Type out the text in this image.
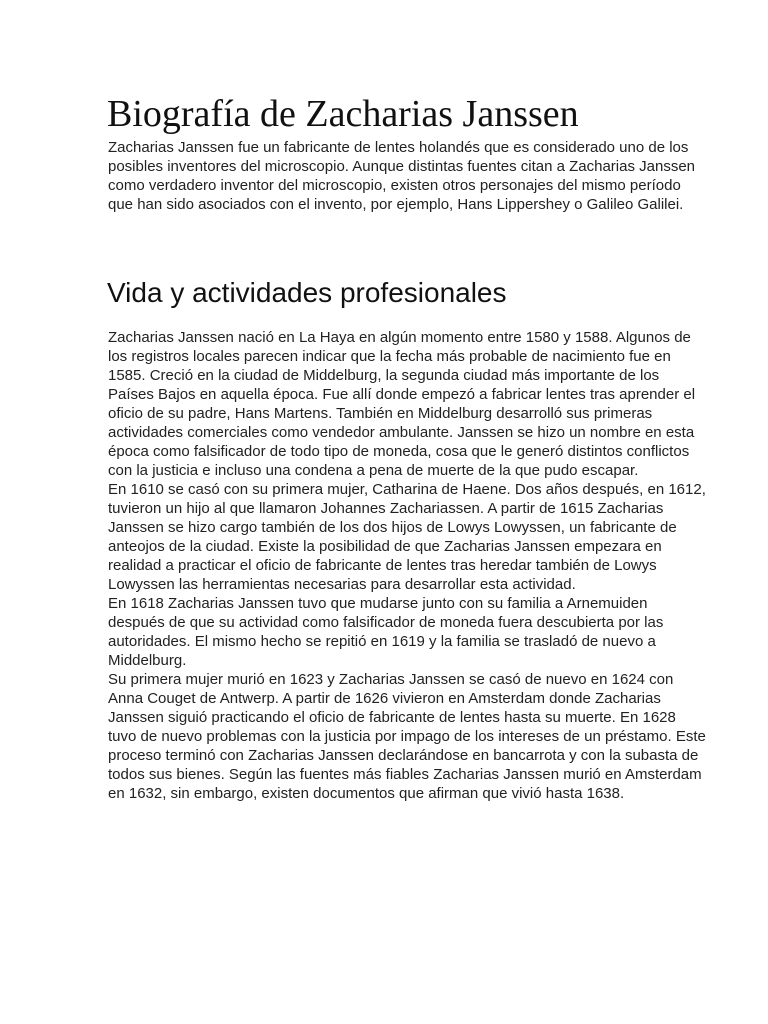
Biografía de Zacharias Janssen

Zacharias Janssen fue un fabricante de lentes holandés que es considerado uno de los posibles inventores del microscopio. Aunque distintas fuentes citan a Zacharias Janssen como verdadero inventor del microscopio, existen otros personajes del mismo período que han sido asociados con el invento, por ejemplo, Hans Lippershey o Galileo Galilei.

Vida y actividades profesionales

Zacharias Janssen nació en La Haya en algún momento entre 1580 y 1588. Algunos de los registros locales parecen indicar que la fecha más probable de nacimiento fue en 1585. Creció en la ciudad de Middelburg, la segunda ciudad más importante de los Países Bajos en aquella época. Fue allí donde empezó a fabricar lentes tras aprender el oficio de su padre, Hans Martens. También en Middelburg desarrolló sus primeras actividades comerciales como vendedor ambulante. Janssen se hizo un nombre en esta época como falsificador de todo tipo de moneda, cosa que le generó distintos conflictos con la justicia e incluso una condena a pena de muerte de la que pudo escapar.

En 1610 se casó con su primera mujer, Catharina de Haene. Dos años después, en 1612, tuvieron un hijo al que llamaron Johannes Zachariassen. A partir de 1615 Zacharias Janssen se hizo cargo también de los dos hijos de Lowys Lowyssen, un fabricante de anteojos de la ciudad. Existe la posibilidad de que Zacharias Janssen empezara en realidad a practicar el oficio de fabricante de lentes tras heredar también de Lowys Lowyssen las herramientas necesarias para desarrollar esta actividad.

En 1618 Zacharias Janssen tuvo que mudarse junto con su familia a Arnemuiden después de que su actividad como falsificador de moneda fuera descubierta por las autoridades. El mismo hecho se repitió en 1619 y la familia se trasladó de nuevo a Middelburg.

Su primera mujer murió en 1623 y Zacharias Janssen se casó de nuevo en 1624 con Anna Couget de Antwerp. A partir de 1626 vivieron en Amsterdam donde Zacharias Janssen siguió practicando el oficio de fabricante de lentes hasta su muerte. En 1628 tuvo de nuevo problemas con la justicia por impago de los intereses de un préstamo. Este proceso terminó con Zacharias Janssen declarándose en bancarrota y con la subasta de todos sus bienes. Según las fuentes más fiables Zacharias Janssen murió en Amsterdam en 1632, sin embargo, existen documentos que afirman que vivió hasta 1638.
